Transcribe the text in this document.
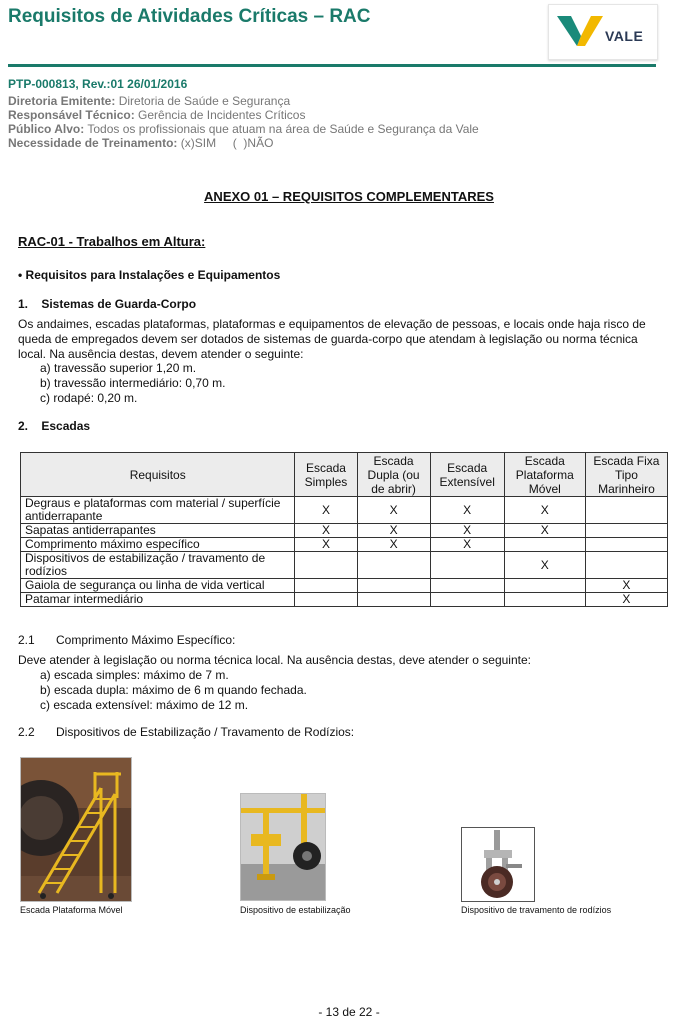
Requisitos de Atividades Críticas – RAC
VALE
PTP-000813, Rev.:01 26/01/2016
Diretoria Emitente: Diretoria de Saúde e Segurança
Responsável Técnico: Gerência de Incidentes Críticos
Público Alvo: Todos os profissionais que atuam na área de Saúde e Segurança da Vale
Necessidade de Treinamento: (x)SIM     (  )NÃO
ANEXO 01 – REQUISITOS COMPLEMENTARES
RAC-01 - Trabalhos em Altura:
• Requisitos para Instalações e Equipamentos
1.    Sistemas de Guarda-Corpo
Os andaimes, escadas plataformas, plataformas e equipamentos de elevação de pessoas, e locais onde haja risco de queda de empregados devem ser dotados de sistemas de guarda-corpo que atendam à legislação ou norma técnica local. Na ausência destas, devem atender o seguinte:
a) travessão superior 1,20 m.
b) travessão intermediário: 0,70 m.
c) rodapé: 0,20 m.
2.    Escadas
Requisitos	Escada Simples	Escada Dupla (ou de abrir)	Escada Extensível	Escada Plataforma Móvel	Escada Fixa Tipo Marinheiro
Degraus e plataformas com material / superfície antiderrapante	X	X	X	X	
Sapatas antiderrapantes	X	X	X	X	
Comprimento máximo específico	X	X	X		
Dispositivos de estabilização / travamento de rodízios				X	
Gaiola de segurança ou linha de vida vertical					X
Patamar intermediário					X
2.1 Comprimento Máximo Específico:
Deve atender à legislação ou norma técnica local. Na ausência destas, deve atender o seguinte:
a) escada simples: máximo de 7 m.
b) escada dupla: máximo de 6 m quando fechada.
c) escada extensível: máximo de 12 m.
2.2 Dispositivos de Estabilização / Travamento de Rodízios:
Escada Plataforma Móvel	Dispositivo de estabilização	Dispositivo de travamento de rodízios
- 13 de 22 -
